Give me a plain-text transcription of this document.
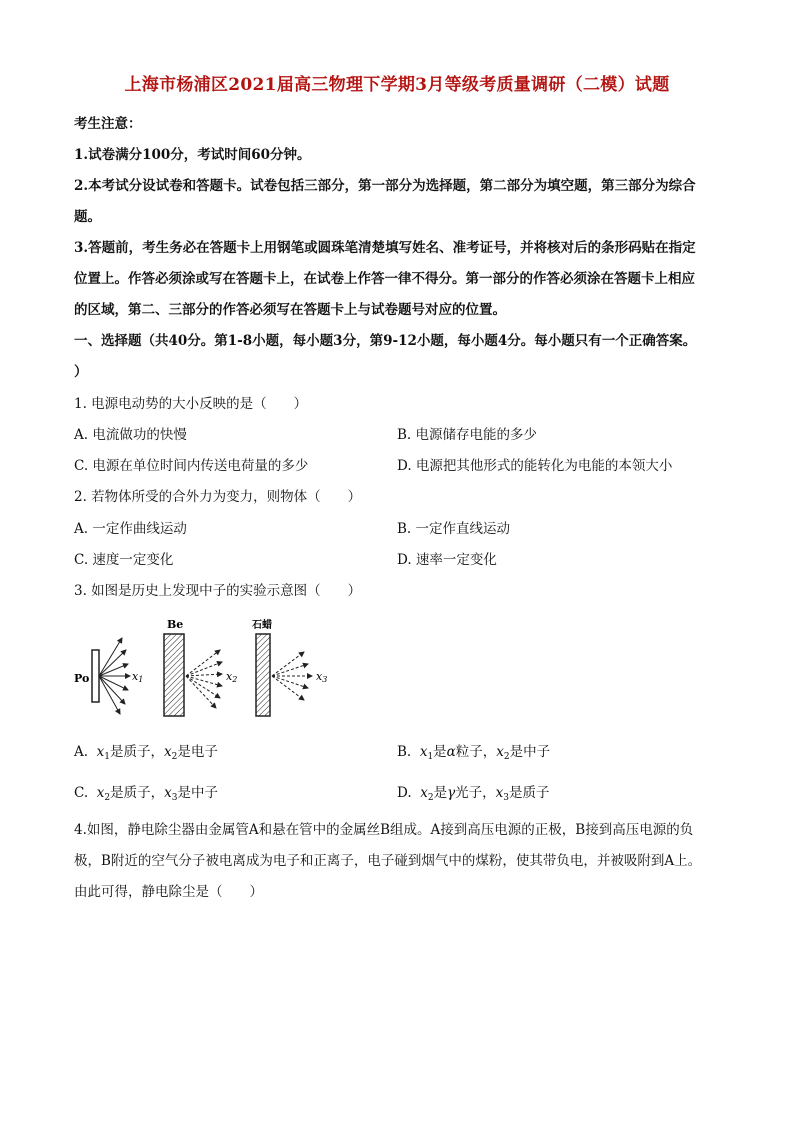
上海市杨浦区2021届高三物理下学期3月等级考质量调研（二模）试题
考生注意：
1.试卷满分100分，考试时间60分钟。
2.本考试分设试卷和答题卡。试卷包括三部分，第一部分为选择题，第二部分为填空题，第三部分为综合
题。
3.答题前，考生务必在答题卡上用钢笔或圆珠笔清楚填写姓名、准考证号，并将核对后的条形码贴在指定
位置上。作答必须涂或写在答题卡上，在试卷上作答一律不得分。第一部分的作答必须涂在答题卡上相应
的区域，第二、三部分的作答必须写在答题卡上与试卷题号对应的位置。
一、选择题（共40分。第1-8小题，每小题3分，第9-12小题，每小题4分。每小题只有一个正确答案。
）
1. 电源电动势的大小反映的是（　　）
A. 电流做功的快慢	B. 电源储存电能的多少
C. 电源在单位时间内传送电荷量的多少	D. 电源把其他形式的能转化为电能的本领大小
2. 若物体所受的合外力为变力，则物体（　　）
A. 一定作曲线运动	B. 一定作直线运动
C. 速度一定变化	D. 速率一定变化
3. 如图是历史上发现中子的实验示意图（　　）
Po	x1
Be
x2
石蜡
x3
A. $x_1$是质子，$x_2$是电子	B. $x_1$是α粒子，$x_2$是中子
C. $x_2$是质子，$x_3$是中子	D. $x_2$是γ光子，$x_3$是质子
4.如图，静电除尘器由金属管A和悬在管中的金属丝B组成。A接到高压电源的正极，B接到高压电源的负
极，B附近的空气分子被电离成为电子和正离子，电子碰到烟气中的煤粉，使其带负电，并被吸附到A上。
由此可得，静电除尘是（　　）
